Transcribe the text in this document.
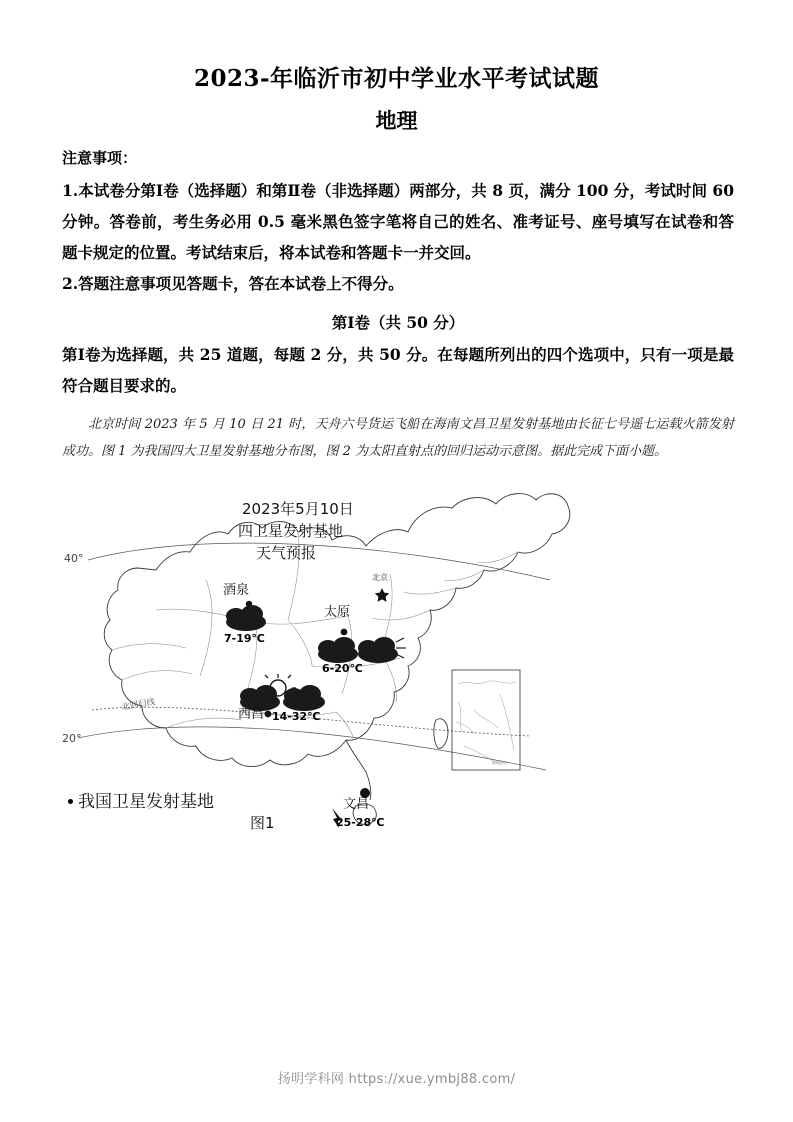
2023-年临沂市初中学业水平考试试题
地理

注意事项：

1.本试卷分第Ⅰ卷（选择题）和第Ⅱ卷（非选择题）两部分，共 8 页，满分 100 分，考试时间 60 分钟。答卷前，考生务必用 0.5 毫米黑色签字笔将自己的姓名、准考证号、座号填写在试卷和答题卡规定的位置。考试结束后，将本试卷和答题卡一并交回。

2.答题注意事项见答题卡，答在本试卷上不得分。

第Ⅰ卷（共 50 分）

第Ⅰ卷为选择题，共 25 道题，每题 2 分，共 50 分。在每题所列出的四个选项中，只有一项是最符合题目要求的。

北京时间 2023 年 5 月 10 日 21 时，天舟六号货运飞船在海南文昌卫星发射基地由长征七号遥七运载火箭发射成功。图 1 为我国四大卫星发射基地分布图，图 2 为太阳直射点的回归运动示意图。据此完成下面小题。

2023年5月10日
四卫星发射基地
天气预报
40°
20°
北回归线
酒泉
7-19℃
北京
太原
6-20℃
西昌 14-32℃
文昌
25-28℃
南海诸岛
我国卫星发射基地
图1
扬明学科网 https://xue.ymbj88.com/
